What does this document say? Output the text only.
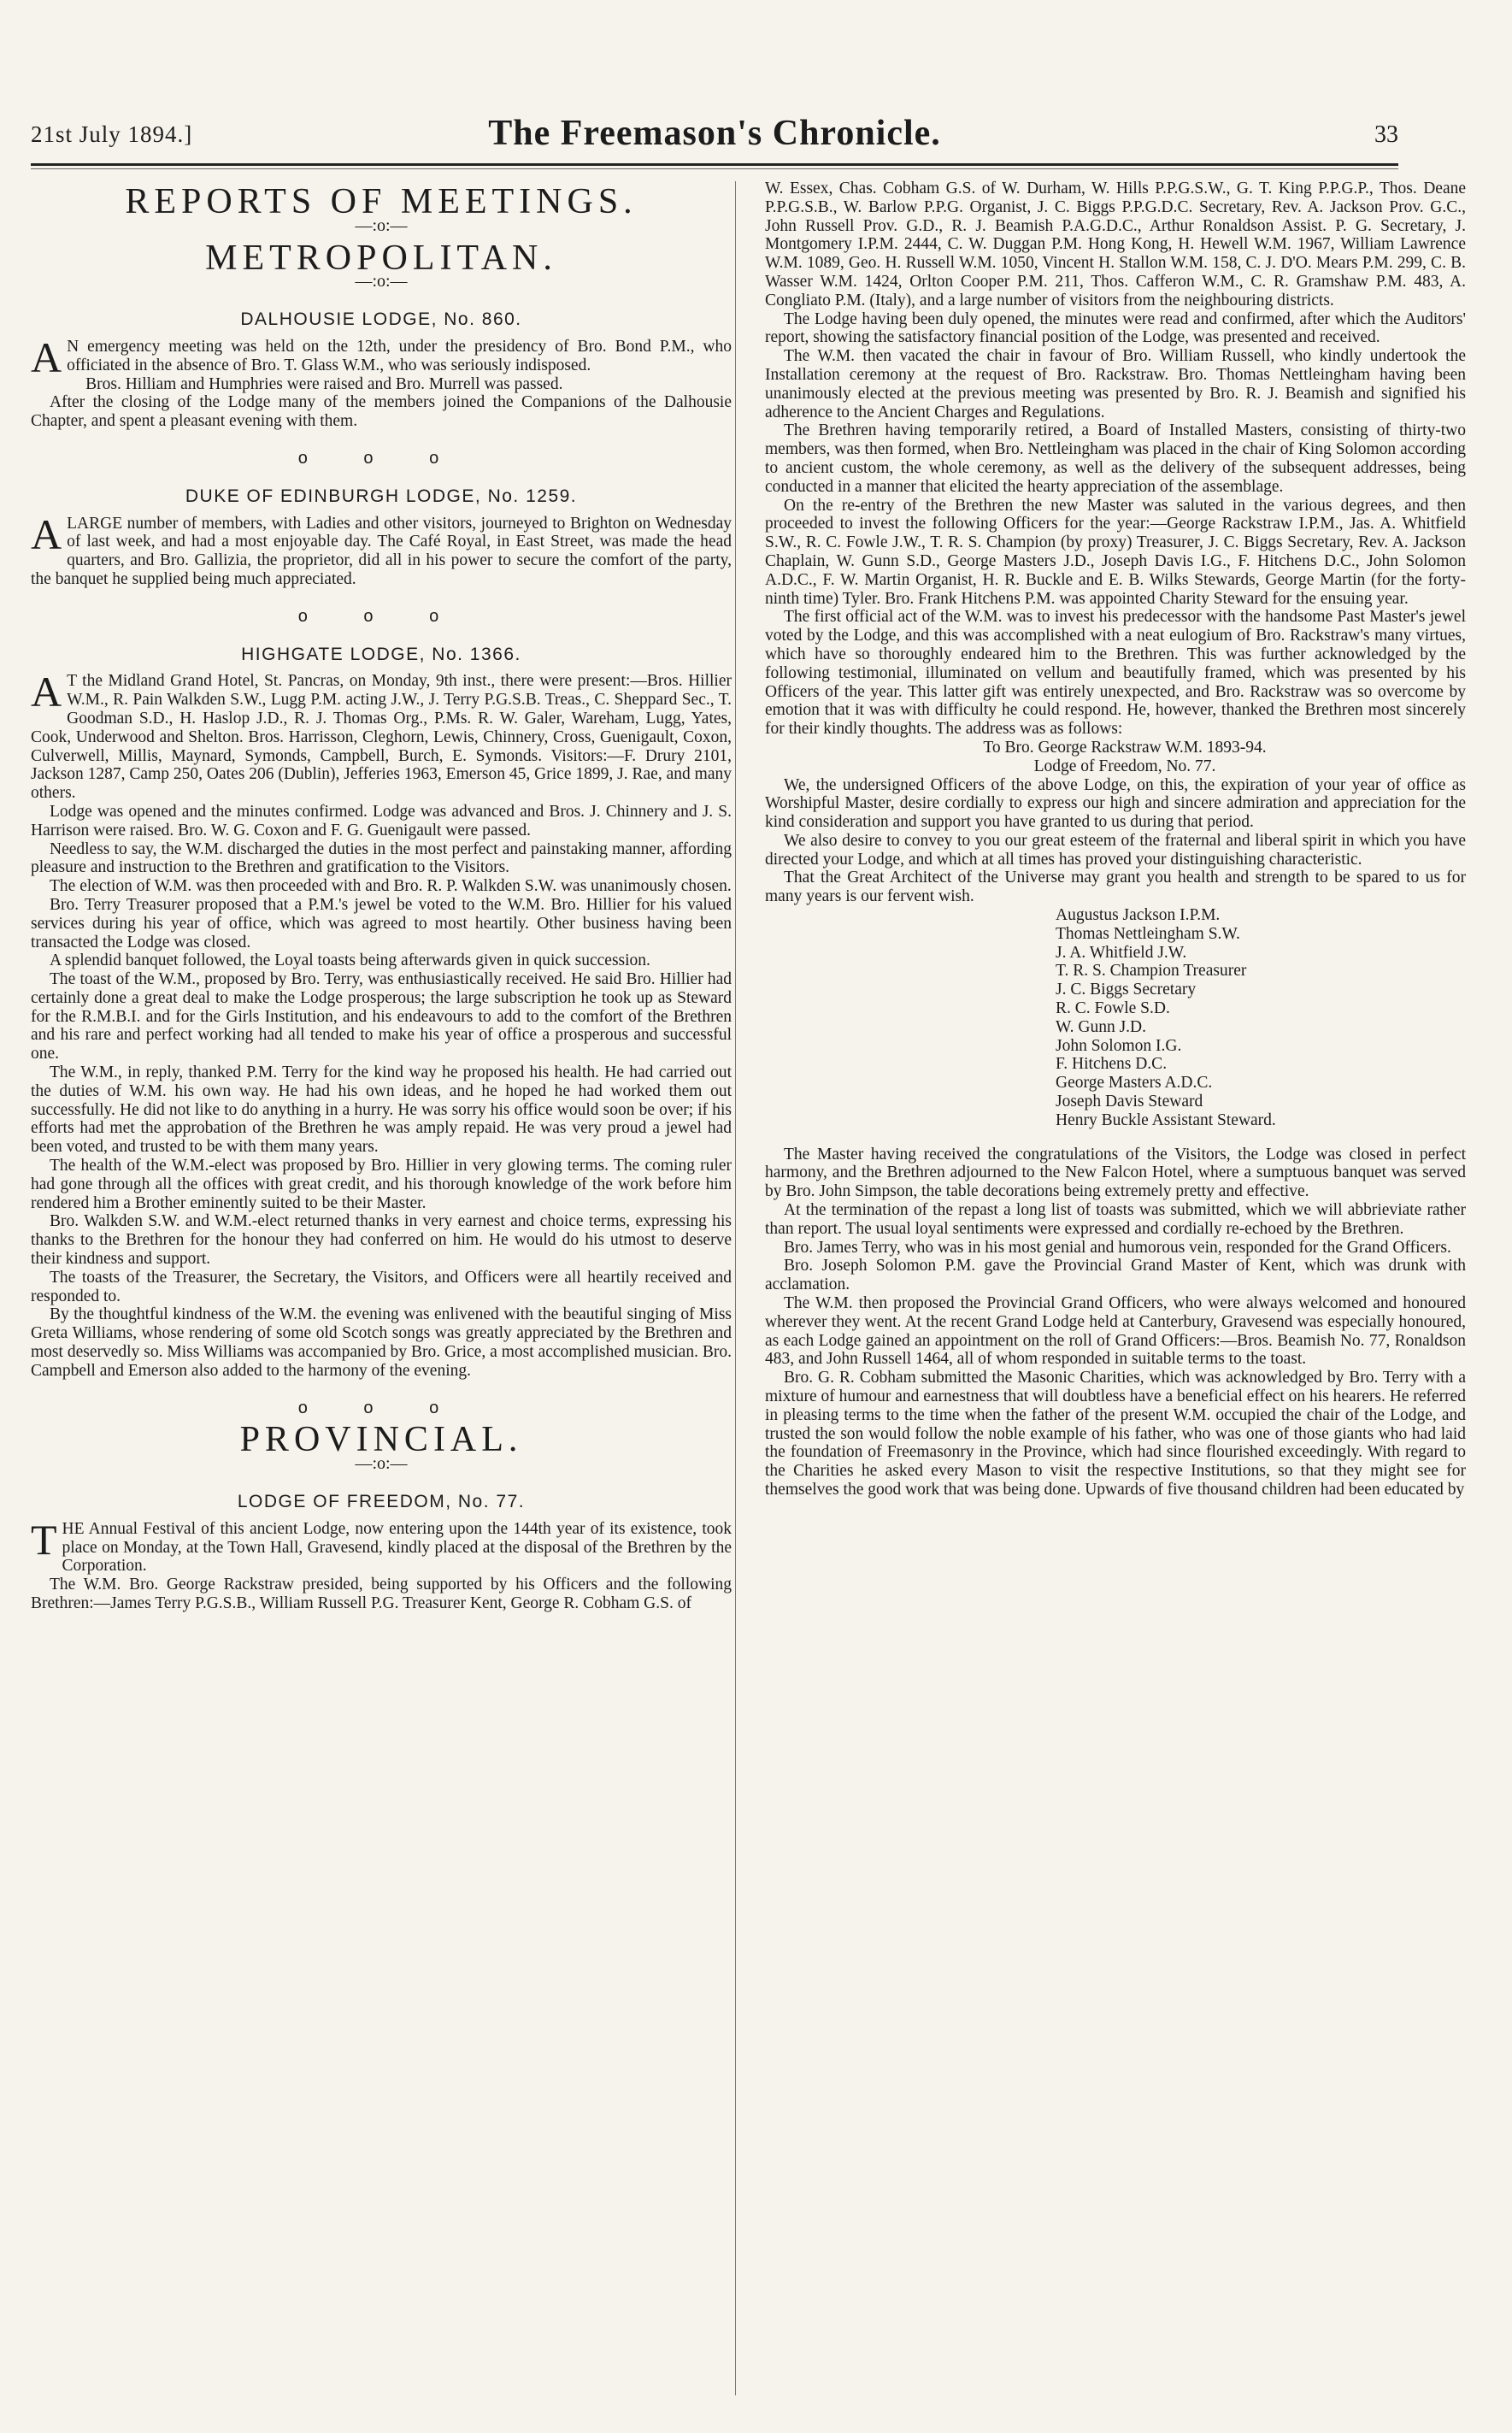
21st July 1894.]	The Freemason's Chronicle.	33
REPORTS OF MEETINGS.
—:o:—
METROPOLITAN.
—:o:—
DALHOUSIE LODGE, No. 860.

A N emergency meeting was held on the 12th, under the presidency of Bro. Bond P.M., who officiated in the absence of Bro. T. Glass W.M., who was seriously indisposed.

Bros. Hilliam and Humphries were raised and Bro. Murrell was passed.

After the closing of the Lodge many of the members joined the Companions of the Dalhousie Chapter, and spent a pleasant evening with them.

o o o
DUKE OF EDINBURGH LODGE, No. 1259.

ALARGE number of members, with Ladies and other visitors, journeyed to Brighton on Wednesday of last week, and had a most enjoyable day. The Café Royal, in East Street, was made the head quarters, and Bro. Gallizia, the proprietor, did all in his power to secure the comfort of the party, the banquet he supplied being much appreciated.

o o o
HIGHGATE LODGE, No. 1366.

A T the Midland Grand Hotel, St. Pancras, on Monday, 9th inst., there were present:—Bros. Hillier W.M., R. Pain Walkden S.W., Lugg P.M. acting J.W., J. Terry P.G.S.B. Treas., C. Sheppard Sec., T. Goodman S.D., H. Haslop J.D., R. J. Thomas Org., P.Ms. R. W. Galer, Wareham, Lugg, Yates, Cook, Underwood and Shelton. Bros. Harrisson, Cleghorn, Lewis, Chinnery, Cross, Guenigault, Coxon, Culverwell, Millis, Maynard, Symonds, Campbell, Burch, E. Symonds. Visitors:—F. Drury 2101, Jackson 1287, Camp 250, Oates 206 (Dublin), Jefferies 1963, Emerson 45, Grice 1899, J. Rae, and many others.

Lodge was opened and the minutes confirmed. Lodge was advanced and Bros. J. Chinnery and J. S. Harrison were raised. Bro. W. G. Coxon and F. G. Guenigault were passed.

Needless to say, the W.M. discharged the duties in the most perfect and painstaking manner, affording pleasure and instruction to the Brethren and gratification to the Visitors.

The election of W.M. was then proceeded with and Bro. R. P. Walkden S.W. was unanimously chosen.

Bro. Terry Treasurer proposed that a P.M.'s jewel be voted to the W.M. Bro. Hillier for his valued services during his year of office, which was agreed to most heartily. Other business having been transacted the Lodge was closed.

A splendid banquet followed, the Loyal toasts being afterwards given in quick succession.

The toast of the W.M., proposed by Bro. Terry, was enthusiastically received. He said Bro. Hillier had certainly done a great deal to make the Lodge prosperous; the large subscription he took up as Steward for the R.M.B.I. and for the Girls Institution, and his endeavours to add to the comfort of the Brethren and his rare and perfect working had all tended to make his year of office a prosperous and successful one.

The W.M., in reply, thanked P.M. Terry for the kind way he proposed his health. He had carried out the duties of W.M. his own way. He had his own ideas, and he hoped he had worked them out successfully. He did not like to do anything in a hurry. He was sorry his office would soon be over; if his efforts had met the approbation of the Brethren he was amply repaid. He was very proud a jewel had been voted, and trusted to be with them many years.

The health of the W.M.-elect was proposed by Bro. Hillier in very glowing terms. The coming ruler had gone through all the offices with great credit, and his thorough knowledge of the work before him rendered him a Brother eminently suited to be their Master.

Bro. Walkden S.W. and W.M.-elect returned thanks in very earnest and choice terms, expressing his thanks to the Brethren for the honour they had conferred on him. He would do his utmost to deserve their kindness and support.

The toasts of the Treasurer, the Secretary, the Visitors, and Officers were all heartily received and responded to.

By the thoughtful kindness of the W.M. the evening was enlivened with the beautiful singing of Miss Greta Williams, whose rendering of some old Scotch songs was greatly appreciated by the Brethren and most deservedly so. Miss Williams was accompanied by Bro. Grice, a most accomplished musician. Bro. Campbell and Emerson also added to the harmony of the evening.

o o o
PROVINCIAL.
—:o:—
LODGE OF FREEDOM, No. 77.

THE Annual Festival of this ancient Lodge, now entering upon the 144th year of its existence, took place on Monday, at the Town Hall, Gravesend, kindly placed at the disposal of the Brethren by the Corporation.

The W.M. Bro. George Rackstraw presided, being supported by his Officers and the following Brethren:—James Terry P.G.S.B., William Russell P.G. Treasurer Kent, George R. Cobham G.S. of

W. Essex, Chas. Cobham G.S. of W. Durham, W. Hills P.P.G.S.W., G. T. King P.P.G.P., Thos. Deane P.P.G.S.B., W. Barlow P.P.G. Organist, J. C. Biggs P.P.G.D.C. Secretary, Rev. A. Jackson Prov. G.C., John Russell Prov. G.D., R. J. Beamish P.A.G.D.C., Arthur Ronaldson Assist. P. G. Secretary, J. Montgomery I.P.M. 2444, C. W. Duggan P.M. Hong Kong, H. Hewell W.M. 1967, William Lawrence W.M. 1089, Geo. H. Russell W.M. 1050, Vincent H. Stallon W.M. 158, C. J. D'O. Mears P.M. 299, C. B. Wasser W.M. 1424, Orlton Cooper P.M. 211, Thos. Cafferon W.M., C. R. Gramshaw P.M. 483, A. Congliato P.M. (Italy), and a large number of visitors from the neighbouring districts.

The Lodge having been duly opened, the minutes were read and confirmed, after which the Auditors' report, showing the satisfactory financial position of the Lodge, was presented and received.

The W.M. then vacated the chair in favour of Bro. William Russell, who kindly undertook the Installation ceremony at the request of Bro. Rackstraw. Bro. Thomas Nettleingham having been unanimously elected at the previous meeting was presented by Bro. R. J. Beamish and signified his adherence to the Ancient Charges and Regulations.

The Brethren having temporarily retired, a Board of Installed Masters, consisting of thirty-two members, was then formed, when Bro. Nettleingham was placed in the chair of King Solomon according to ancient custom, the whole ceremony, as well as the delivery of the subsequent addresses, being conducted in a manner that elicited the hearty appreciation of the assemblage.

On the re-entry of the Brethren the new Master was saluted in the various degrees, and then proceeded to invest the following Officers for the year:—George Rackstraw I.P.M., Jas. A. Whitfield S.W., R. C. Fowle J.W., T. R. S. Champion (by proxy) Treasurer, J. C. Biggs Secretary, Rev. A. Jackson Chaplain, W. Gunn S.D., George Masters J.D., Joseph Davis I.G., F. Hitchens D.C., John Solomon A.D.C., F. W. Martin Organist, H. R. Buckle and E. B. Wilks Stewards, George Martin (for the forty-ninth time) Tyler. Bro. Frank Hitchens P.M. was appointed Charity Steward for the ensuing year.

The first official act of the W.M. was to invest his predecessor with the handsome Past Master's jewel voted by the Lodge, and this was accomplished with a neat eulogium of Bro. Rackstraw's many virtues, which have so thoroughly endeared him to the Brethren. This was further acknowledged by the following testimonial, illuminated on vellum and beautifully framed, which was presented by his Officers of the year. This latter gift was entirely unexpected, and Bro. Rackstraw was so overcome by emotion that it was with difficulty he could respond. He, however, thanked the Brethren most sincerely for their kindly thoughts. The address was as follows:

To Bro. George Rackstraw W.M. 1893-94.

Lodge of Freedom, No. 77.

We, the undersigned Officers of the above Lodge, on this, the expiration of your year of office as Worshipful Master, desire cordially to express our high and sincere admiration and appreciation for the kind consideration and support you have granted to us during that period.

We also desire to convey to you our great esteem of the fraternal and liberal spirit in which you have directed your Lodge, and which at all times has proved your distinguishing characteristic.

That the Great Architect of the Universe may grant you health and strength to be spared to us for many years is our fervent wish.

Augustus Jackson I.P.M.
Thomas Nettleingham S.W.
J. A. Whitfield J.W.
T. R. S. Champion Treasurer
J. C. Biggs Secretary
R. C. Fowle S.D.
W. Gunn J.D.
John Solomon I.G.
F. Hitchens D.C.
George Masters A.D.C.
Joseph Davis Steward
Henry Buckle Assistant Steward.

The Master having received the congratulations of the Visitors, the Lodge was closed in perfect harmony, and the Brethren adjourned to the New Falcon Hotel, where a sumptuous banquet was served by Bro. John Simpson, the table decorations being extremely pretty and effective.

At the termination of the repast a long list of toasts was submitted, which we will abbrieviate rather than report. The usual loyal sentiments were expressed and cordially re-echoed by the Brethren.

Bro. James Terry, who was in his most genial and humorous vein, responded for the Grand Officers.

Bro. Joseph Solomon P.M. gave the Provincial Grand Master of Kent, which was drunk with acclamation.

The W.M. then proposed the Provincial Grand Officers, who were always welcomed and honoured wherever they went. At the recent Grand Lodge held at Canterbury, Gravesend was especially honoured, as each Lodge gained an appointment on the roll of Grand Officers:—Bros. Beamish No. 77, Ronaldson 483, and John Russell 1464, all of whom responded in suitable terms to the toast.

Bro. G. R. Cobham submitted the Masonic Charities, which was acknowledged by Bro. Terry with a mixture of humour and earnestness that will doubtless have a beneficial effect on his hearers. He referred in pleasing terms to the time when the father of the present W.M. occupied the chair of the Lodge, and trusted the son would follow the noble example of his father, who was one of those giants who had laid the foundation of Freemasonry in the Province, which had since flourished exceedingly. With regard to the Charities he asked every Mason to visit the respective Institutions, so that they might see for themselves the good work that was being done. Upwards of five thousand children had been educated by
